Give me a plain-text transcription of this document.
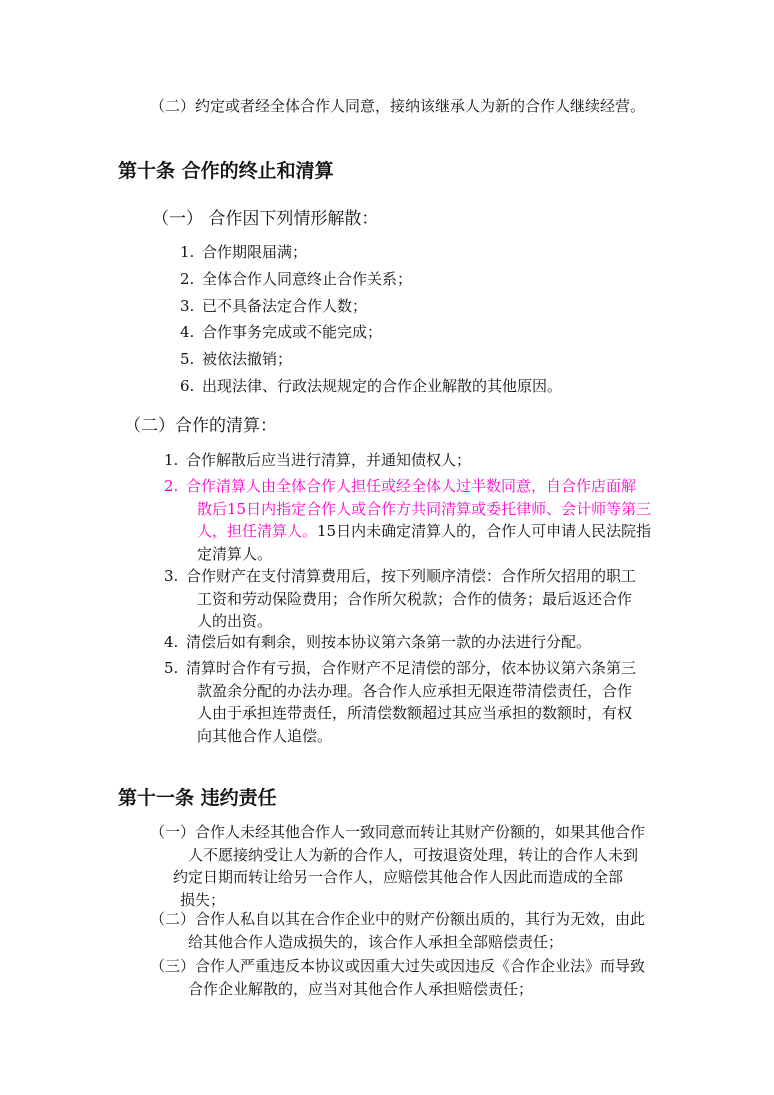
（二）约定或者经全体合作人同意，接纳该继承人为新的合作人继续经营。
第十条 合作的终止和清算
（一） 合作因下列情形解散：
1. 合作期限届满；
2. 全体合作人同意终止合作关系；
3. 已不具备法定合作人数；
4. 合作事务完成或不能完成；
5. 被依法撤销；
6. 出现法律、行政法规规定的合作企业解散的其他原因。
（二）合作的清算：
1. 合作解散后应当进行清算，并通知债权人；
2. 合作清算人由全体合作人担任或经全体人过半数同意，自合作店面解
散后15日内指定合作人或合作方共同清算或委托律师、会计师等第三
人，担任清算人。15日内未确定清算人的，合作人可申请人民法院指
定清算人。
3. 合作财产在支付清算费用后，按下列顺序清偿：合作所欠招用的职工
工资和劳动保险费用；合作所欠税款；合作的债务；最后返还合作
人的出资。
4. 清偿后如有剩余，则按本协议第六条第一款的办法进行分配。
5. 清算时合作有亏损，合作财产不足清偿的部分，依本协议第六条第三
款盈余分配的办法办理。各合作人应承担无限连带清偿责任，合作
人由于承担连带责任，所清偿数额超过其应当承担的数额时，有权
向其他合作人追偿。
第十一条 违约责任
（一）合作人未经其他合作人一致同意而转让其财产份额的，如果其他合作
人不愿接纳受让人为新的合作人，可按退资处理，转让的合作人未到
约定日期而转让给另一合作人，应赔偿其他合作人因此而造成的全部
损失；
（二）合作人私自以其在合作企业中的财产份额出质的，其行为无效，由此
给其他合作人造成损失的，该合作人承担全部赔偿责任；
（三）合作人严重违反本协议或因重大过失或因违反《合作企业法》而导致
合作企业解散的，应当对其他合作人承担赔偿责任；
